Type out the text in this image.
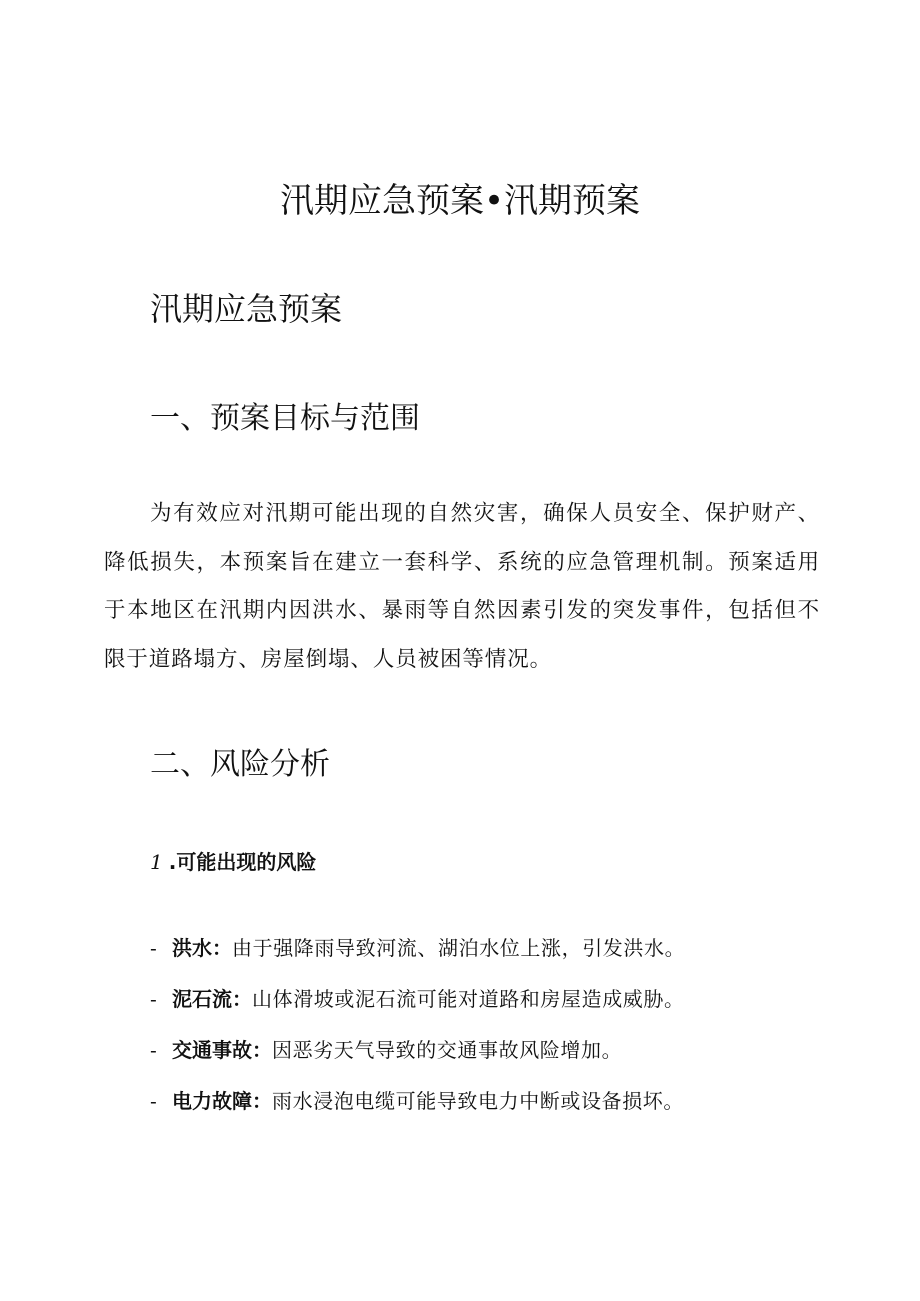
汛期应急预案•汛期预案
汛期应急预案
一、预案目标与范围

为有效应对汛期可能出现的自然灾害，确保人员安全、保护财产、降低损失，本预案旨在建立一套科学、系统的应急管理机制。预案适用于本地区在汛期内因洪水、暴雨等自然因素引发的突发事件，包括但不限于道路塌方、房屋倒塌、人员被困等情况。

二、风险分析
1 .可能出现的风险
- 洪水：由于强降雨导致河流、湖泊水位上涨，引发洪水。
- 泥石流：山体滑坡或泥石流可能对道路和房屋造成威胁。
- 交通事故：因恶劣天气导致的交通事故风险增加。
- 电力故障：雨水浸泡电缆可能导致电力中断或设备损坏。
